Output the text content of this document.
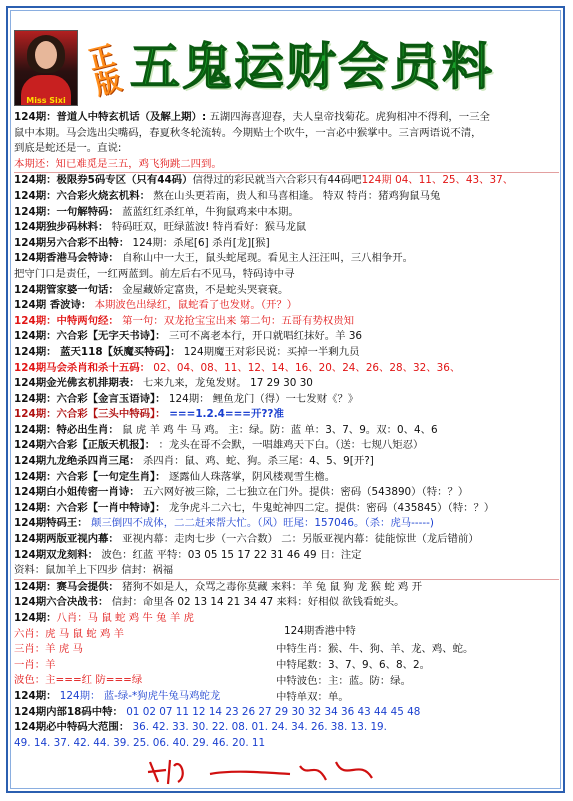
Miss Sixi
正版 五鬼运财会员料
124期：普道人中特玄机话（及解上期）: 五湖四海喜迎春，夫人皇帝找菊花。虎狗相冲不得利，一三全
鼠中本期。马会选出尖嘴码，春夏秋冬轮流转。今期贴士个吹牛，一言必中猴掌中。三言两语说不清，
到底是蛇还是一。直说:
本期还：知已难觅是三五，鸡飞狗跳二四到。
124期：极限券5码专区（只有44码）信得过的彩民就当六合彩只有44码吧124期 04、11、25、43、37、
124期：六合彩火烧玄机料： 熬在山头更若南，贵人和马喜相逢。 特双 特肖：猪鸡狗鼠马兔
124期：一句解特码： 蓝蓝红红杀红单，牛狗鼠鸡来中本期。
124期独步码林料： 特码旺双，旺绿蓝波! 特肖看好：猴马龙鼠
124期另六合彩不出特： 124期：杀尾[6] 杀肖[龙][猴]
124期香港马会特诗： 自称山中一大王，鼠头蛇尾现。看见主人汪汪叫，三八相争开。
把守门口是责任，一红两蓝到。前左后右不见马，特码诗中寻
124期管家婆一句话： 金屋藏娇定富贵，不是蛇头哭衰衰。
124期 香波诗： 本期波色出绿红，鼠蛇看了也发财。（开？）
124期：中特两句经： 第一句：双龙抢宝宝出来 第二句：五哥有势权贵知
124期：六合彩【无字天书诗】： 三可不离老本行，开口就唱红抹好。羊 36
124期： 蓝天118【妖魔买特码】： 124期魔王对彩民说：买掉一半剩九员
124期马会杀肖和杀十五码： 02、04、08、11、12、14、16、20、24、26、28、32、36、
124期金光佛玄机排期表： 七来九来，龙兔发财。 17 29 30 30
124期：六合彩【金言玉语诗】： 124期： 鲤鱼龙门（得）一七发财《？》
124期：六合彩【三头中特码】： ===1.2.4===开??准
124期：特必出生肖： 鼠 虎 羊 鸡 牛 马 鸡。 主：绿。防：蓝 单：3、7、9。双：0、4、6
124期六合彩【正版天机报】： ：龙头在哥不会默，一唱雄鸡天下白。（送：七规八矩忍）
124期九龙绝杀四肖三尾： 杀四肖：鼠、鸡、蛇、狗。杀三尾：4、5、9[开?]
124期：六合彩【一句定生肖】： 逐露仙人珠落掌，阴风楼观雪生檐。
124期白小姐传密一肖诗： 五六网好被三除，二七独立在门外。提供：密码（543890）（特：？）
124期：六合彩【一肖中特诗】： 龙争虎斗二六七，牛鬼蛇神四二定。提供：密码（435845）（特：？）
124期特码王： 颠三倒四不成体，二二赶来帮大忙。（风）旺尾：157046。（杀：虎马-----)
124期两版亚视内幕： 亚视内幕：走肉七步（一六合数） 二：另版亚视内幕：徒能惊世（龙后错前）
124期双龙刻料： 波色：红蓝 平特：03 05 15 17 22 31 46 49 日：注定
资料：鼠加羊上下四步 信封：祸福
124期：赛马会提供： 猪狗不如是人，众骂之毒你莫藏 来料：羊 兔 鼠 狗 龙 猴 蛇 鸡 开
124期六合决战书： 信封：命里各 02 13 14 21 34 47 来料：好相似 欲钱看蛇头。
124期：八肖：马 鼠 蛇 鸡 牛 兔 羊 虎
六肖：虎 马 鼠 蛇 鸡 羊
三肖：羊 虎 马
一肖：羊
波色：主===红 防===绿
124期： 124期： 蓝-绿-*狗虎牛兔马鸡蛇龙
124期内部18码中特： 01 02 07 11 12 14 23 26 27 29 30 32 34 36 43 44 45 48
124期必中特码大范围： 36. 42. 33. 30. 22. 08. 01. 24. 34. 26. 38. 13. 19.
49. 14. 37. 42. 44. 39. 25. 06. 40. 29. 46. 20. 11
124期香港中特
中特生肖：猴、牛、狗、羊、龙、鸡、蛇。
中特尾数：3、7、9、6、8、2。
中特波色：主：蓝。防：绿。
中特单双：单。
